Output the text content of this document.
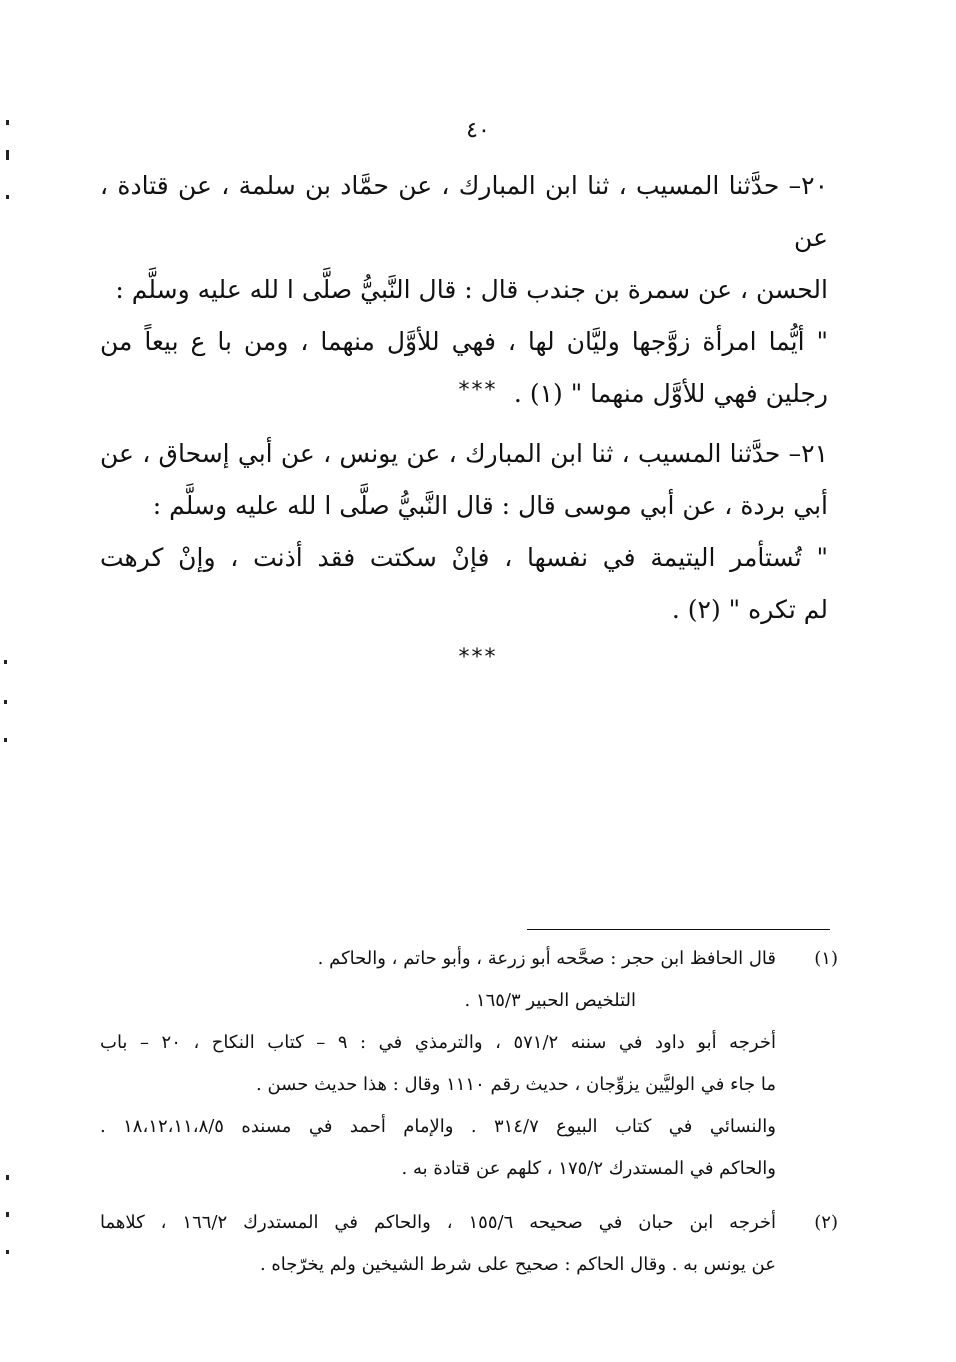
٤٠
٢٠– حدَّثنا المسيب ، ثنا ابن المبارك ، عن حمَّاد بن سلمة ، عن قتادة ، عن
الحسن ، عن سمرة بن جندب قال : قال النَّبيُّ صلَّى ا لله عليه وسلَّم :
" أيُّما امرأة زوَّجها وليَّان لها ، فهي للأوَّل منهما ، ومن با ع بيعاً من
رجلين فهي للأوَّل منهما " (١) .
***
٢١– حدَّثنا المسيب ، ثنا ابن المبارك ، عن يونس ، عن أبي إسحاق ، عن
أبي بردة ، عن أبي موسى قال : قال النَّبيُّ صلَّى ا لله عليه وسلَّم :
" تُستأمر اليتيمة في نفسها ، فإنْ سكتت فقد أذنت ، وإنْ كرهت
لم تكره " (٢) .
***
(١)
قال الحافظ ابن حجر : صحَّحه أبو زرعة ، وأبو حاتم ، والحاكم .
التلخيص الحبير ١٦٥/٣ .
أخرجه أبو داود في سننه ٥٧١/٢ ، والترمذي في : ٩ – كتاب النكاح ، ٢٠ – باب
ما جاء في الوليَّين يزوِّجان ، حديث رقم ١١١٠ وقال : هذا حديث حسن .
والنسائي في كتاب البيوع ٣١٤/٧ . والإمام أحمد في مسنده ١٨،١٢،١١،٨/٥ .
والحاكم في المستدرك ١٧٥/٢ ، كلهم عن قتادة به .
(٢)
أخرجه ابن حبان في صحيحه ١٥٥/٦ ، والحاكم في المستدرك ١٦٦/٢ ، كلاهما
عن يونس به . وقال الحاكم : صحيح على شرط الشيخين ولم يخرّجاه .
